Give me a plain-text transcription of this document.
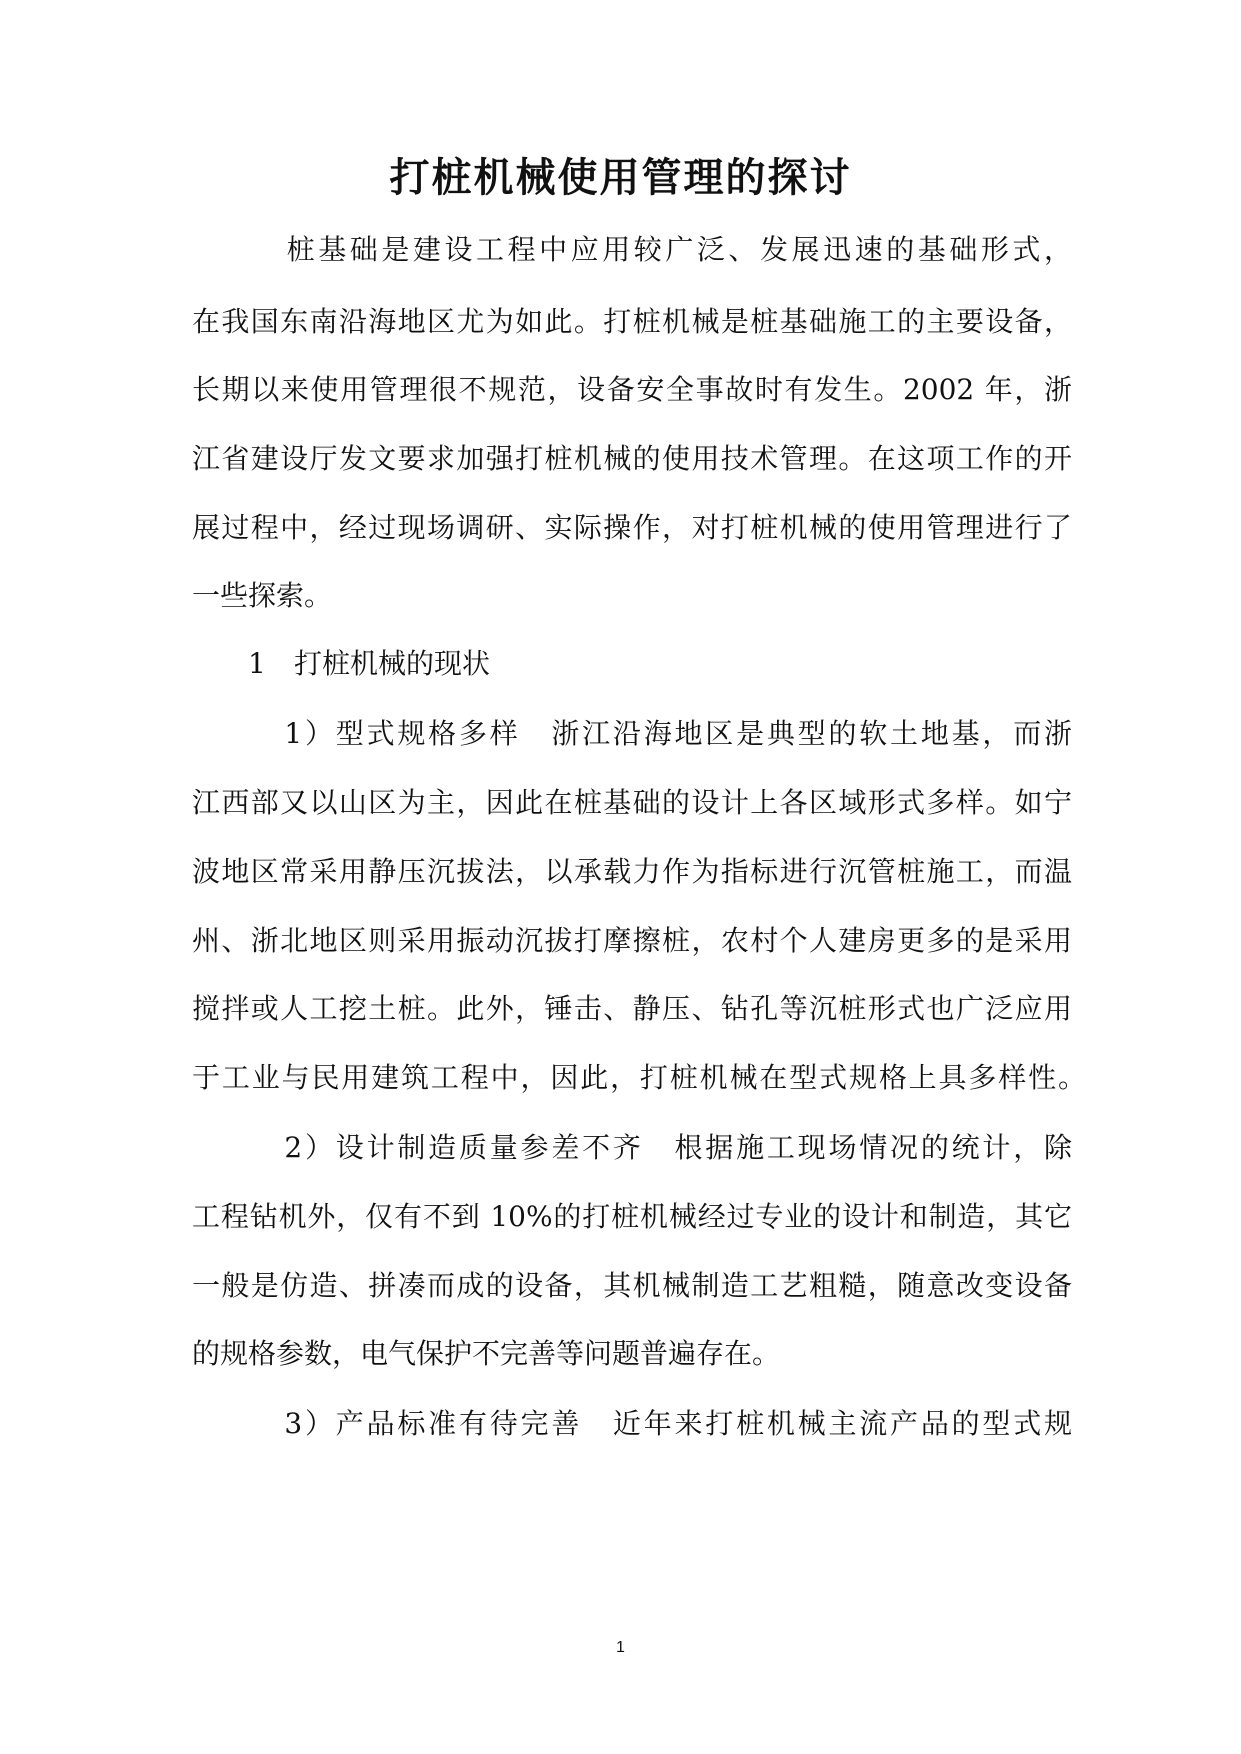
打桩机械使用管理的探讨
　　　桩基础是建设工程中应用较广泛、发展迅速的基础形式，
在我国东南沿海地区尤为如此。打桩机械是桩基础施工的主要设备，
长期以来使用管理很不规范，设备安全事故时有发生。2002 年，浙
江省建设厅发文要求加强打桩机械的使用技术管理。在这项工作的开
展过程中，经过现场调研、实际操作，对打桩机械的使用管理进行了
一些探索。
1 打桩机械的现状
　　　1）型式规格多样　浙江沿海地区是典型的软土地基，而浙
江西部又以山区为主，因此在桩基础的设计上各区域形式多样。如宁
波地区常采用静压沉拔法，以承载力作为指标进行沉管桩施工，而温
州、浙北地区则采用振动沉拔打摩擦桩，农村个人建房更多的是采用
搅拌或人工挖土桩。此外，锤击、静压、钻孔等沉桩形式也广泛应用
于工业与民用建筑工程中，因此，打桩机械在型式规格上具多样性。
　　　2）设计制造质量参差不齐　根据施工现场情况的统计，除
工程钻机外，仅有不到 10%的打桩机械经过专业的设计和制造，其它
一般是仿造、拼凑而成的设备，其机械制造工艺粗糙，随意改变设备
的规格参数，电气保护不完善等问题普遍存在。
　　　3）产品标准有待完善　近年来打桩机械主流产品的型式规
1
